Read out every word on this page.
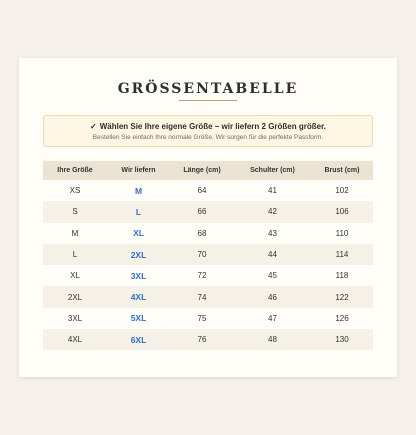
GRÖSSENTABELLE
✓ Wählen Sie Ihre eigene Größe – wir liefern 2 Größen größer.
Bestellen Sie einfach Ihre normale Größe. Wir sorgen für die perfekte Passform.
Ihre Größe	Wir liefern	Länge (cm)	Schulter (cm)	Brust (cm)
XS	M	64	41	102
S	L	66	42	106
M	XL	68	43	110
L	2XL	70	44	114
XL	3XL	72	45	118
2XL	4XL	74	46	122
3XL	5XL	75	47	126
4XL	6XL	76	48	130
